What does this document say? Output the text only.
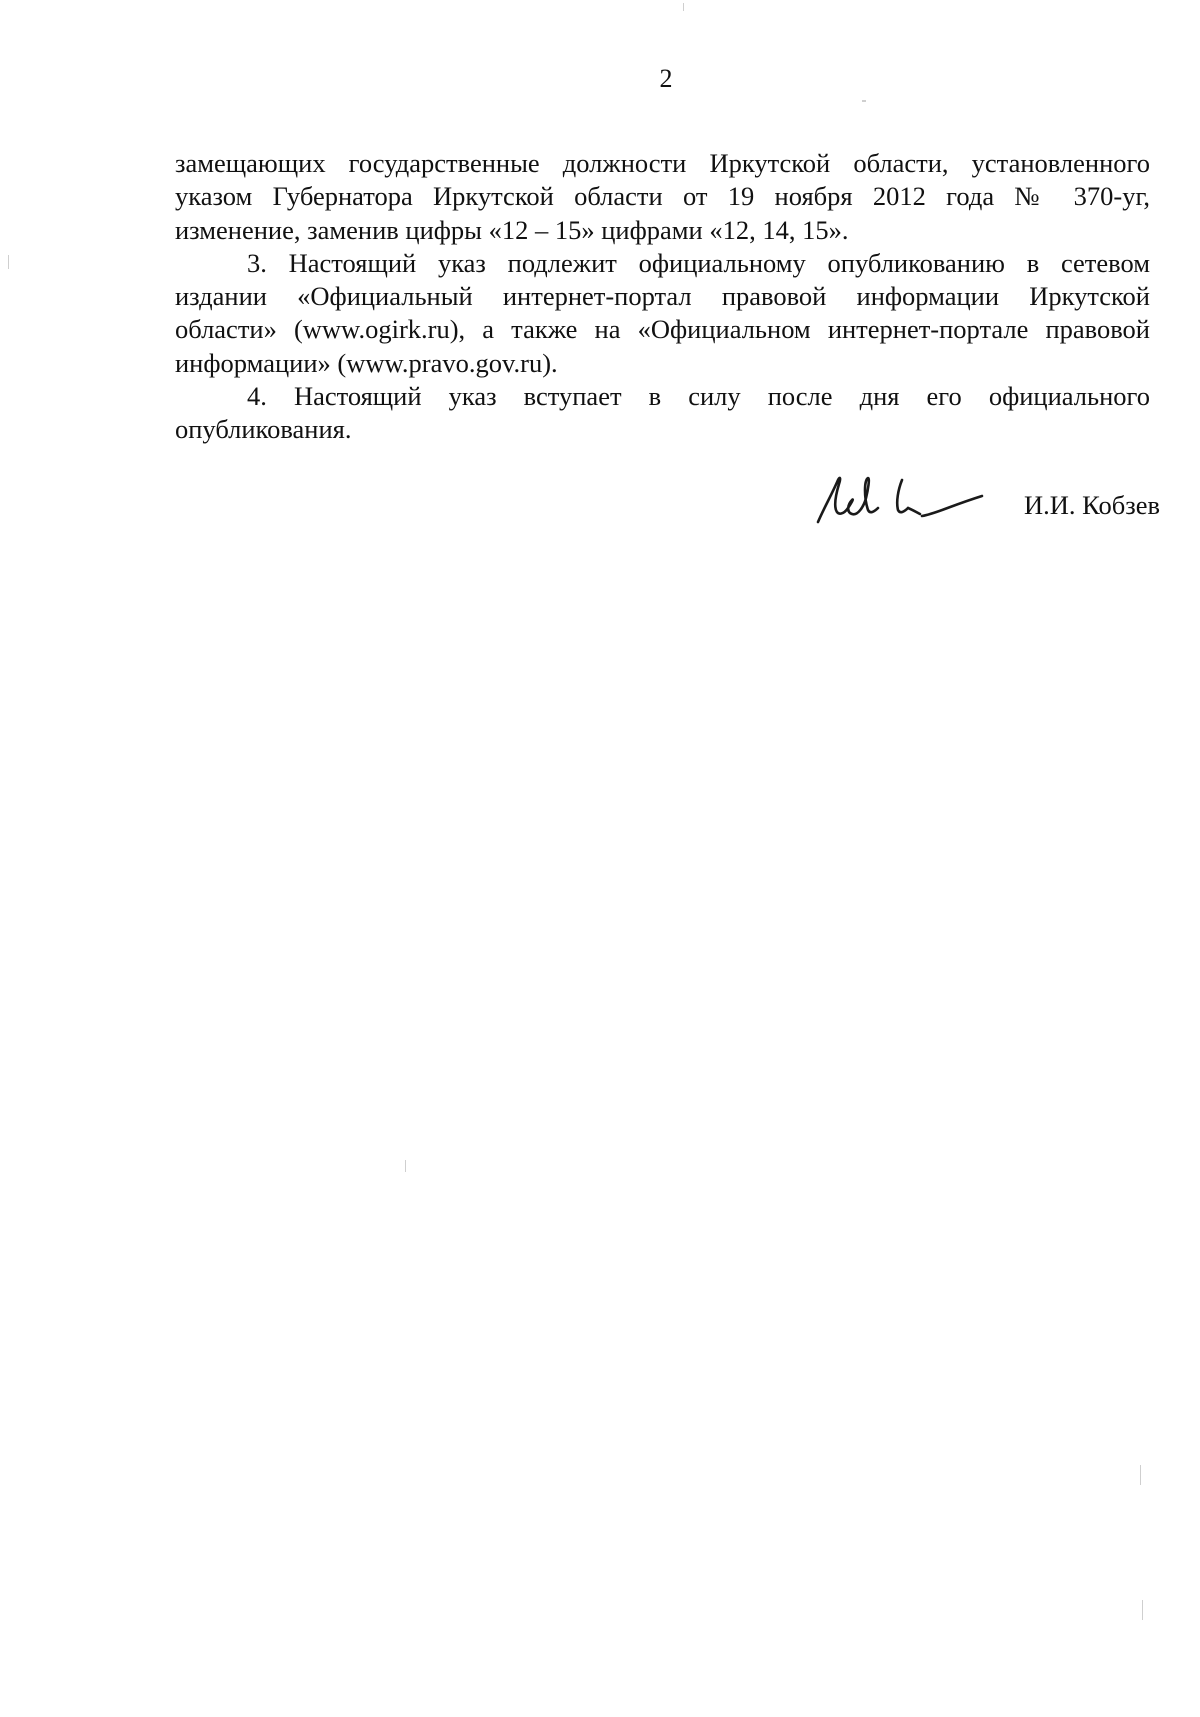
2
замещающих государственные должности Иркутской области, установленного
указом Губернатора Иркутской области от 19 ноября 2012 года № 370-уг,
изменение, заменив цифры «12 – 15» цифрами «12, 14, 15».
3. Настоящий указ подлежит официальному опубликованию в сетевом
издании «Официальный интернет-портал правовой информации Иркутской
области» (www.ogirk.ru), а также на «Официальном интернет-портале правовой
информации» (www.pravo.gov.ru).
4. Настоящий указ вступает в силу после дня его официального
опубликования.
И.И. Кобзев
